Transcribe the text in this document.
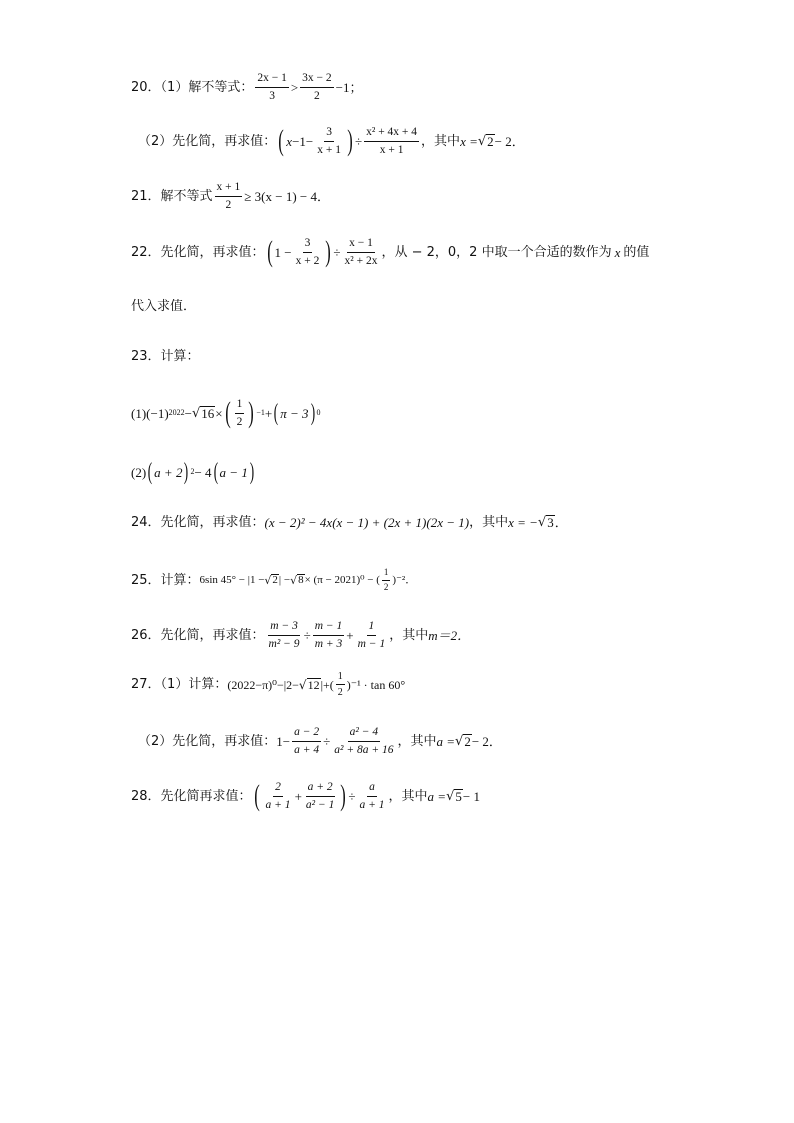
20．（1）解不等式： $\frac{2x - 1}{3} > \frac{3x - 2}{2} -1$；
（2）先化简，再求值： ( $x -1- \frac{3}{x + 1}$ ) ÷ $\frac{\text{x² + 4x + 4}}{x + 1}$ ，其中 x = √ 2 − 2．
21．解不等式 $\frac{x + 1}{2} \ge 3(x - 1) - 4$．
22．先化简，再求值： ( $1 - \frac{3}{x + 2}$ ) ÷ $\frac{x - 1}{\text{x² + 2x}}$ ，从 − 2，0，2 中取一个合适的数作为 x 的值
代入求值．
23．计算：
(1)(−1) 2022 − √ 16 × ( $\frac{1}{2}$ ) −1 + ( π − 3 ) 0
(2) ( a + 2 ) 2 − 4 ( a − 1 )
24．先化简，再求值： (x − 2)² − 4x(x − 1) + (2x + 1)(2x − 1) ，其中 x = − √ 3 ．
25．计算： 6sin 45° − |1 − √ 2 | − √ 8 × (π − 2021)⁰ − ( $\frac{1}{2} )^{-2}$．
26．先化简，再求值： $\frac{m - 3}{\text{m² − 9}} \div \frac{m - 1}{m + 3} + \frac{1}{m - 1}$ ，其中 m＝2．
27．（1）计算： (2022−π)⁰−|2− √ 12 |+( $\frac{1}{2} )^{-1} \cdot \tan 60^\circ$
（2）先化简，再求值： $1- \frac{a - 2}{a + 4} \div \frac{\text{a² − 4}}{\text{a² + 8a + 16}}$ ，其中 a = √ 2 − 2．
28．先化简再求值： ( $\frac{2}{a + 1} + \frac{a + 2}{\text{a² − 1}}$ ) ÷ $\frac{a}{a + 1}$ ，其中 a = √ 5 − 1
